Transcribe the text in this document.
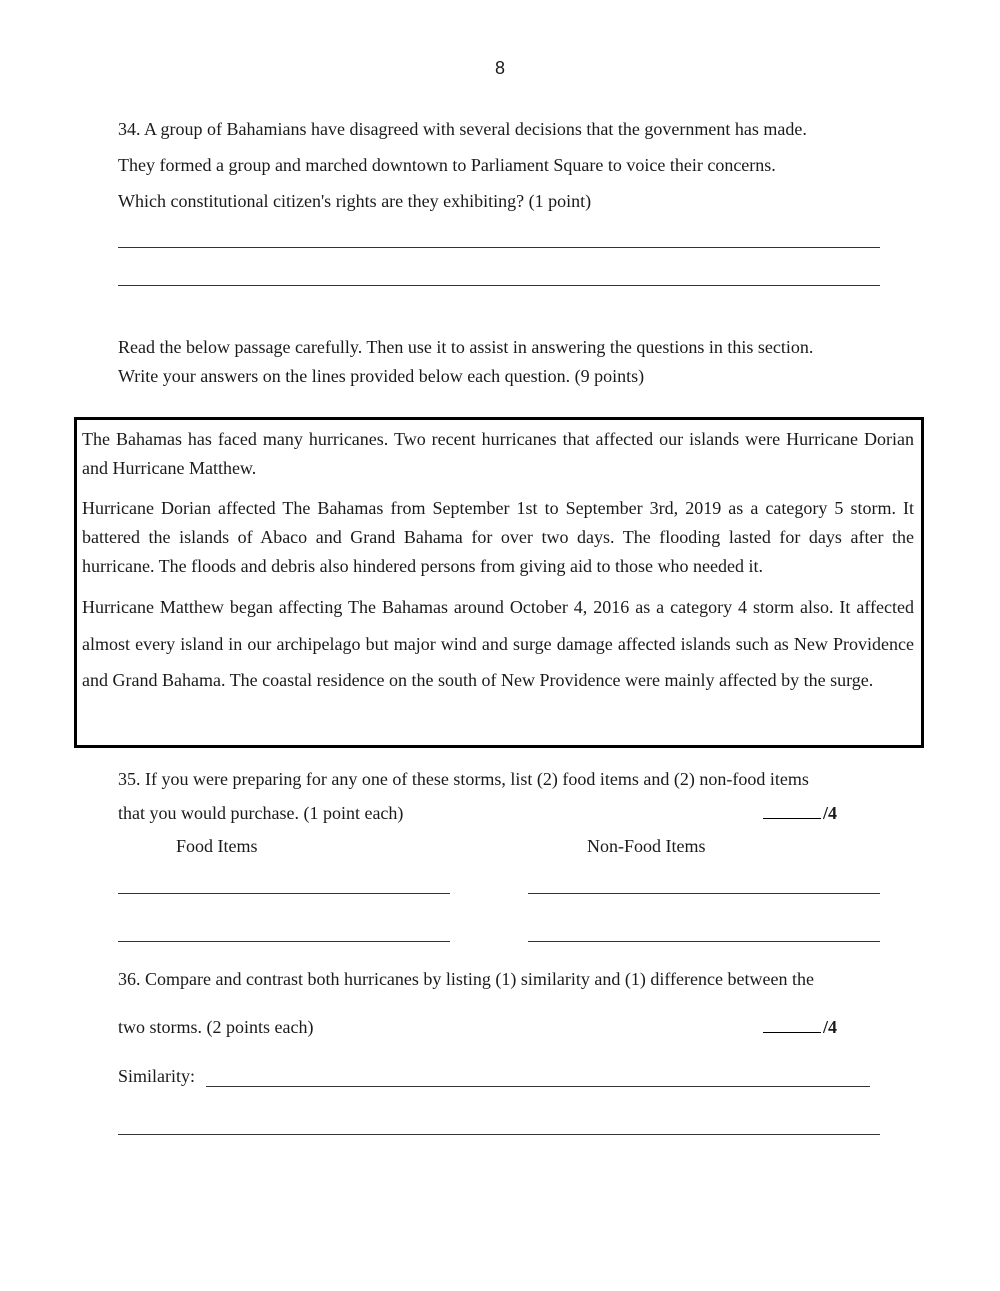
8
34. A group of Bahamians have disagreed with several decisions that the government has made.
They formed a group and marched downtown to Parliament Square to voice their concerns.
Which constitutional citizen's rights are they exhibiting? (1 point)
Read the below passage carefully. Then use it to assist in answering the questions in this section.
Write your answers on the lines provided below each question. (9 points)
The Bahamas has faced many hurricanes. Two recent hurricanes that affected our islands were Hurricane Dorian and Hurricane Matthew.
Hurricane Dorian affected The Bahamas from September 1st to September 3rd, 2019 as a category 5 storm. It battered the islands of Abaco and Grand Bahama for over two days. The flooding lasted for days after the hurricane. The floods and debris also hindered persons from giving aid to those who needed it.
Hurricane Matthew began affecting The Bahamas around October 4, 2016 as a category 4 storm also. It affected almost every island in our archipelago but major wind and surge damage affected islands such as New Providence and Grand Bahama. The coastal residence on the south of New Providence were mainly affected by the surge.
35. If you were preparing for any one of these storms, list (2) food items and (2) non-food items
that you would purchase. (1 point each)	/4
Food Items	Non-Food Items
36. Compare and contrast both hurricanes by listing (1) similarity and (1) difference between the
two storms. (2 points each)	/4
Similarity:
